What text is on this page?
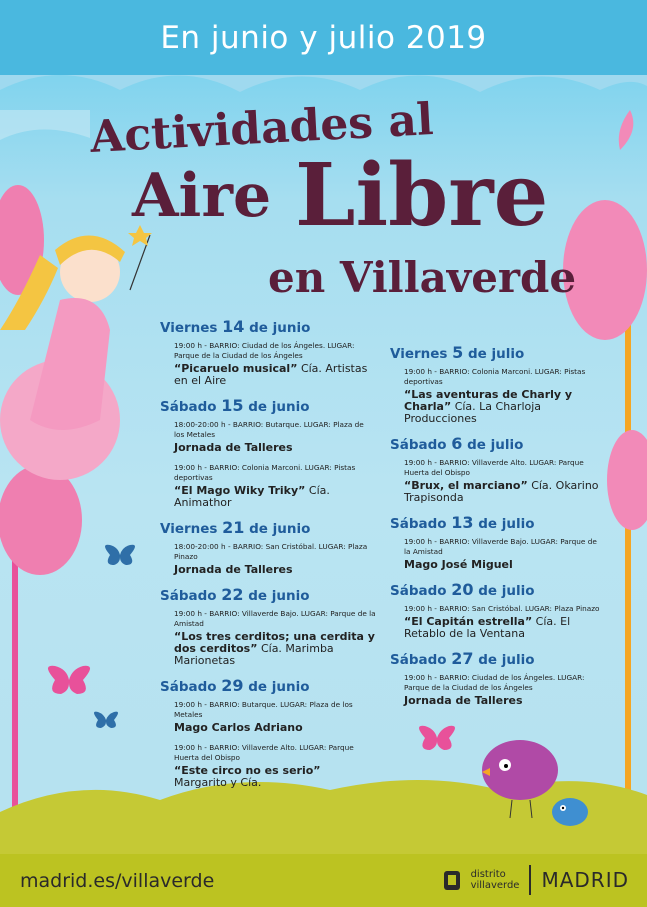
En junio y julio 2019
Actividades al
Aire Libre
en Villaverde
Viernes 14 de junio
19:00 h - BARRIO: Ciudad de los Ángeles. LUGAR: Parque de la Ciudad de los Ángeles
“Picaruelo musical” Cía. Artistas en el Aire
Sábado 15 de junio
18:00-20:00 h - BARRIO: Butarque. LUGAR: Plaza de los Metales
Jornada de Talleres
19:00 h - BARRIO: Colonia Marconi. LUGAR: Pistas deportivas
“El Mago Wiky Triky” Cía. Animathor
Viernes 21 de junio
18:00-20:00 h - BARRIO: San Cristóbal. LUGAR: Plaza Pinazo
Jornada de Talleres
Sábado 22 de junio
19:00 h - BARRIO: Villaverde Bajo. LUGAR: Parque de la Amistad
“Los tres cerditos; una cerdita y dos cerditos” Cía. Marimba Marionetas
Sábado 29 de junio
19:00 h - BARRIO: Butarque. LUGAR: Plaza de los Metales
Mago Carlos Adriano
19:00 h - BARRIO: Villaverde Alto. LUGAR: Parque Huerta del Obispo
“Este circo no es serio” Margarito y Cía.
Viernes 5 de julio
19:00 h - BARRIO: Colonia Marconi. LUGAR: Pistas deportivas
“Las aventuras de Charly y Charla” Cía. La Charloja Producciones
Sábado 6 de julio
19:00 h - BARRIO: Villaverde Alto. LUGAR: Parque Huerta del Obispo
“Brux, el marciano” Cía. Okarino Trapisonda
Sábado 13 de julio
19:00 h - BARRIO: Villaverde Bajo. LUGAR: Parque de la Amistad
Mago José Miguel
Sábado 20 de julio
19:00 h - BARRIO: San Cristóbal. LUGAR: Plaza Pinazo
“El Capitán estrella” Cía. El Retablo de la Ventana
Sábado 27 de julio
19:00 h - BARRIO: Ciudad de los Ángeles. LUGAR: Parque de la Ciudad de los Ángeles
Jornada de Talleres
madrid.es/villaverde	distrito
villaverde MADRID
